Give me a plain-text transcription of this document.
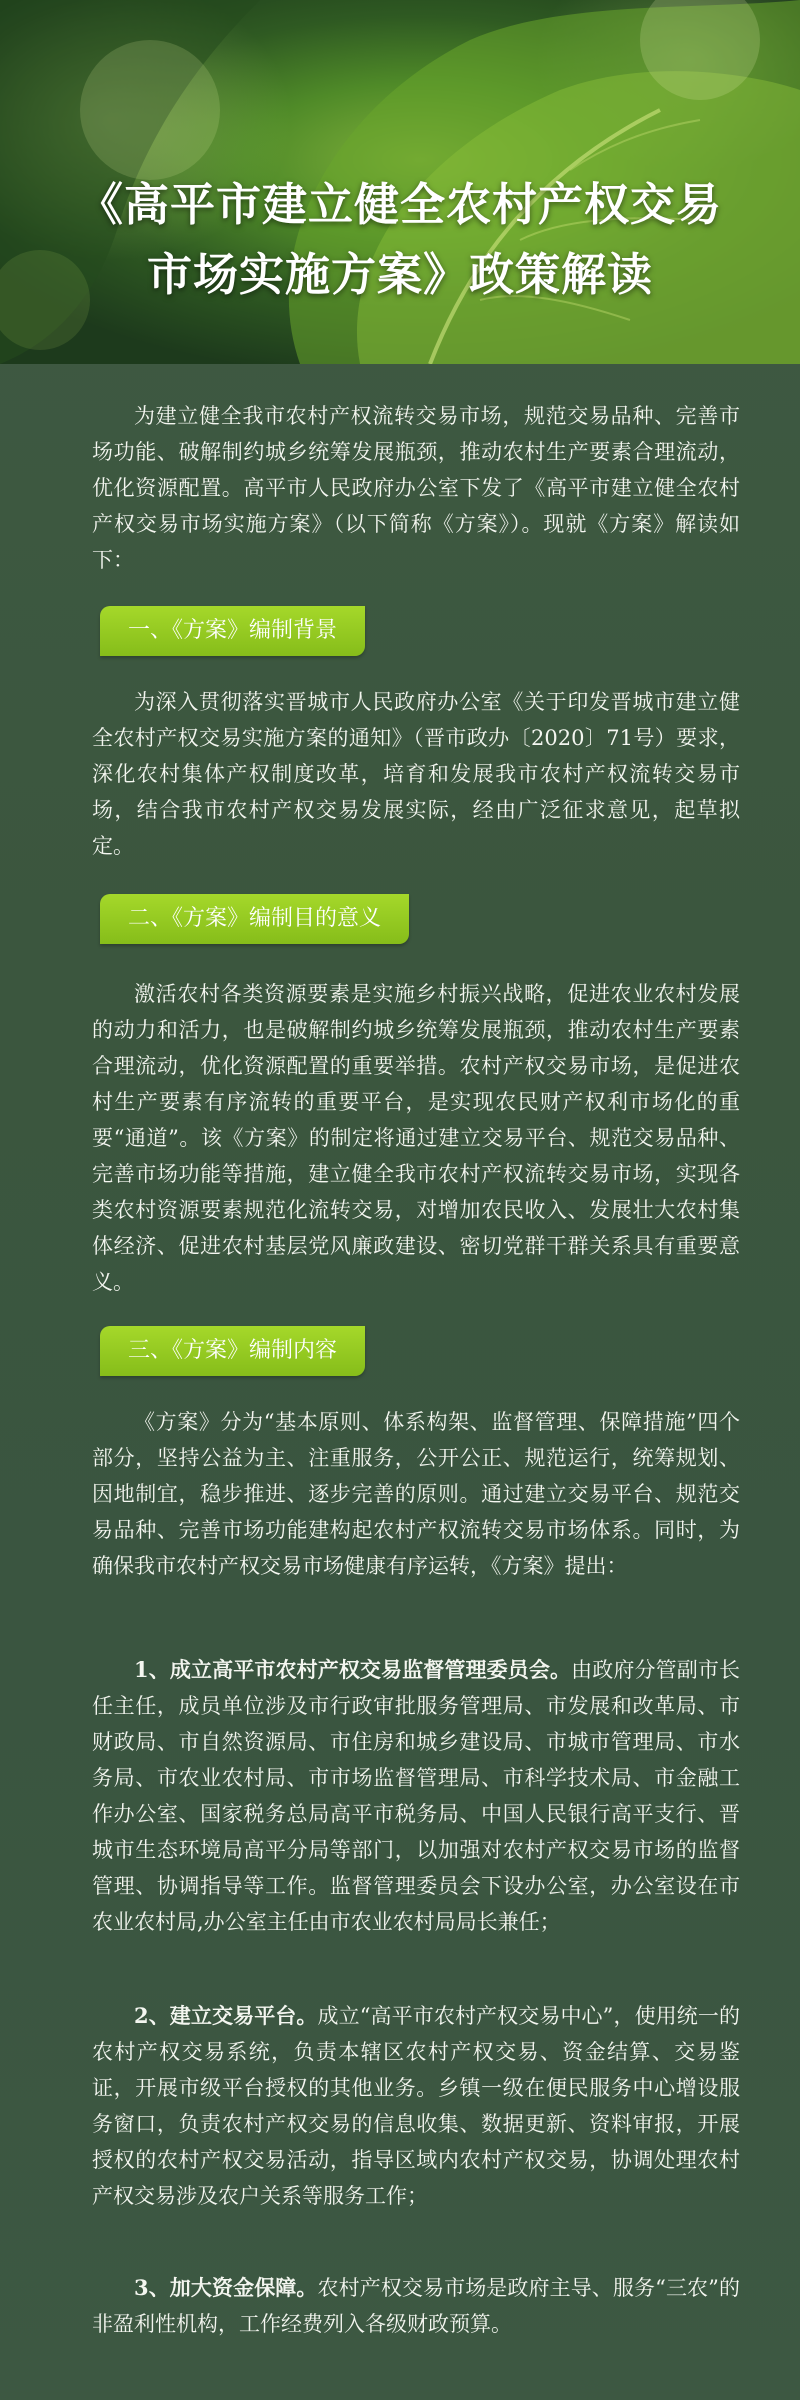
《高平市建立健全农村产权交易
市场实施方案》政策解读

为建立健全我市农村产权流转交易市场，规范交易品种、完善市场功能、破解制约城乡统筹发展瓶颈，推动农村生产要素合理流动，优化资源配置。高平市人民政府办公室下发了《高平市建立健全农村产权交易市场实施方案》（以下简称《方案》）。现就《方案》解读如下：

一、《方案》编制背景

为深入贯彻落实晋城市人民政府办公室《关于印发晋城市建立健全农村产权交易实施方案的通知》（晋市政办〔2020〕71号）要求，深化农村集体产权制度改革，培育和发展我市农村产权流转交易市场，结合我市农村产权交易发展实际，经由广泛征求意见，起草拟定。

二、《方案》编制目的意义

激活农村各类资源要素是实施乡村振兴战略，促进农业农村发展的动力和活力，也是破解制约城乡统筹发展瓶颈，推动农村生产要素合理流动，优化资源配置的重要举措。农村产权交易市场，是促进农村生产要素有序流转的重要平台，是实现农民财产权利市场化的重要“通道”。该《方案》的制定将通过建立交易平台、规范交易品种、完善市场功能等措施，建立健全我市农村产权流转交易市场，实现各类农村资源要素规范化流转交易，对增加农民收入、发展壮大农村集体经济、促进农村基层党风廉政建设、密切党群干群关系具有重要意义。

三、《方案》编制内容

《方案》分为“基本原则、体系构架、监督管理、保障措施”四个部分，坚持公益为主、注重服务，公开公正、规范运行，统筹规划、因地制宜，稳步推进、逐步完善的原则。通过建立交易平台、规范交易品种、完善市场功能建构起农村产权流转交易市场体系。同时，为确保我市农村产权交易市场健康有序运转，《方案》提出：

1、成立高平市农村产权交易监督管理委员会。由政府分管副市长任主任，成员单位涉及市行政审批服务管理局、市发展和改革局、市财政局、市自然资源局、市住房和城乡建设局、市城市管理局、市水务局、市农业农村局、市市场监督管理局、市科学技术局、市金融工作办公室、国家税务总局高平市税务局、中国人民银行高平支行、晋城市生态环境局高平分局等部门，以加强对农村产权交易市场的监督管理、协调指导等工作。监督管理委员会下设办公室，办公室设在市农业农村局,办公室主任由市农业农村局局长兼任；

2、建立交易平台。成立“高平市农村产权交易中心”，使用统一的农村产权交易系统，负责本辖区农村产权交易、资金结算、交易鉴证，开展市级平台授权的其他业务。乡镇一级在便民服务中心增设服务窗口，负责农村产权交易的信息收集、数据更新、资料审报，开展授权的农村产权交易活动，指导区域内农村产权交易，协调处理农村产权交易涉及农户关系等服务工作；

3、加大资金保障。农村产权交易市场是政府主导、服务“三农”的非盈利性机构，工作经费列入各级财政预算。
